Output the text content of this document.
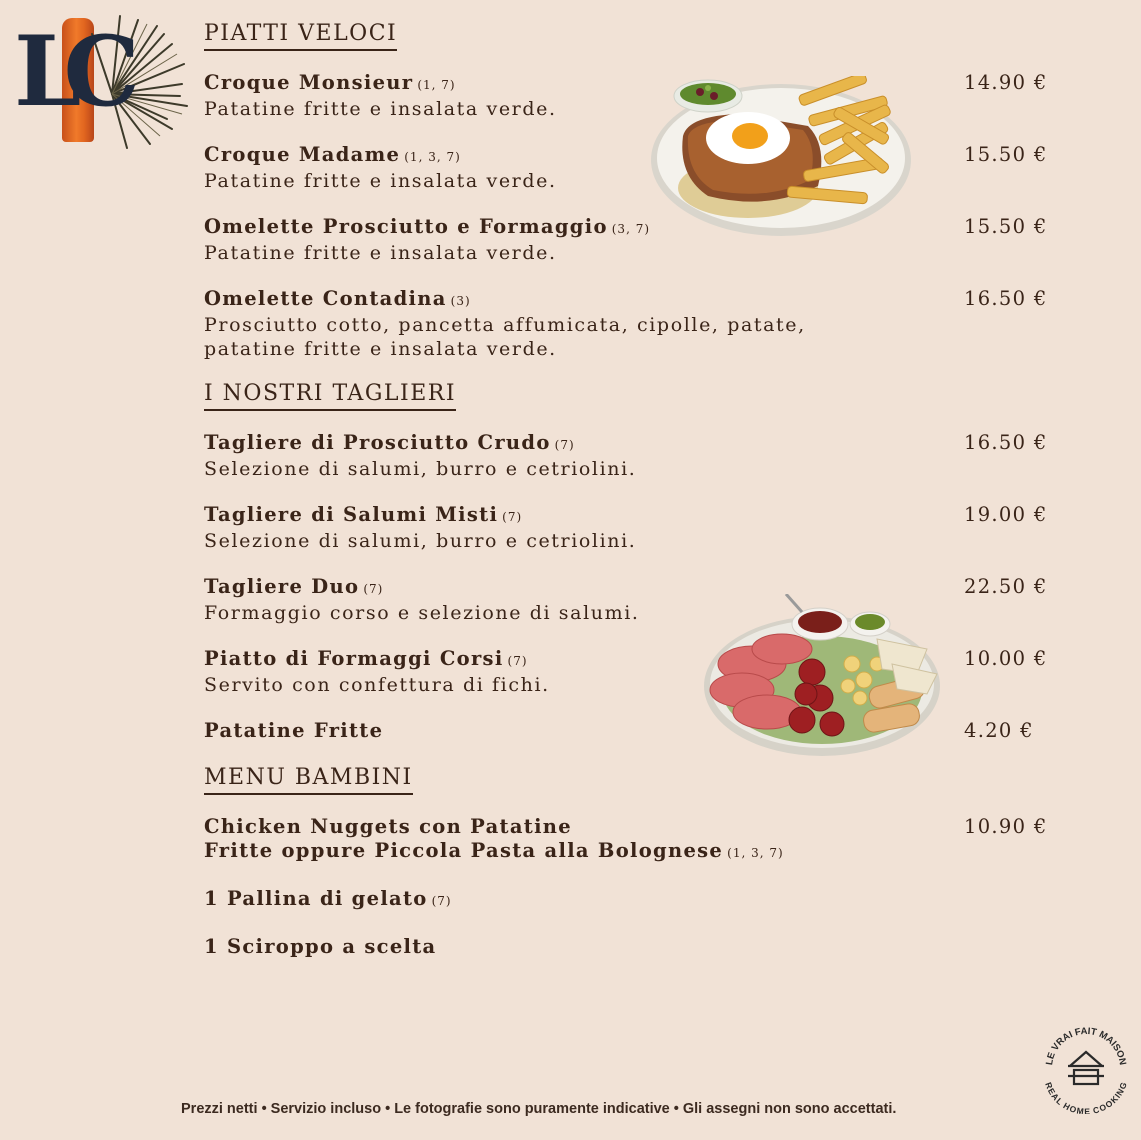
LC	PIATTI VELOCI
Croque Monsieur (1, 7)
Patatine fritte e insalata verde.
14.90 €
Croque Madame (1, 3, 7)
Patatine fritte e insalata verde.
15.50 €
Omelette Prosciutto e Formaggio (3, 7)
Patatine fritte e insalata verde.
15.50 €
Omelette Contadina (3)
Prosciutto cotto, pancetta affumicata, cipolle, patate,
patatine fritte e insalata verde.
16.50 €
I NOSTRI TAGLIERI
Tagliere di Prosciutto Crudo (7)
Selezione di salumi, burro e cetriolini.
16.50 €
Tagliere di Salumi Misti (7)
Selezione di salumi, burro e cetriolini.
19.00 €
Tagliere Duo (7)
Formaggio corso e selezione di salumi.
22.50 €
Piatto di Formaggi Corsi (7)
Servito con confettura di fichi.
10.00 €
Patatine Fritte	4.20 €
MENU BAMBINI
Chicken Nuggets con Patatine
Fritte oppure Piccola Pasta alla Bolognese (1, 3, 7)
10.90 €
1 Pallina di gelato (7)
1 Sciroppo a scelta
LE VRAI FAIT MAISON
REAL HOME COOKING
Prezzi netti • Servizio incluso • Le fotografie sono puramente indicative • Gli assegni non sono accettati.
